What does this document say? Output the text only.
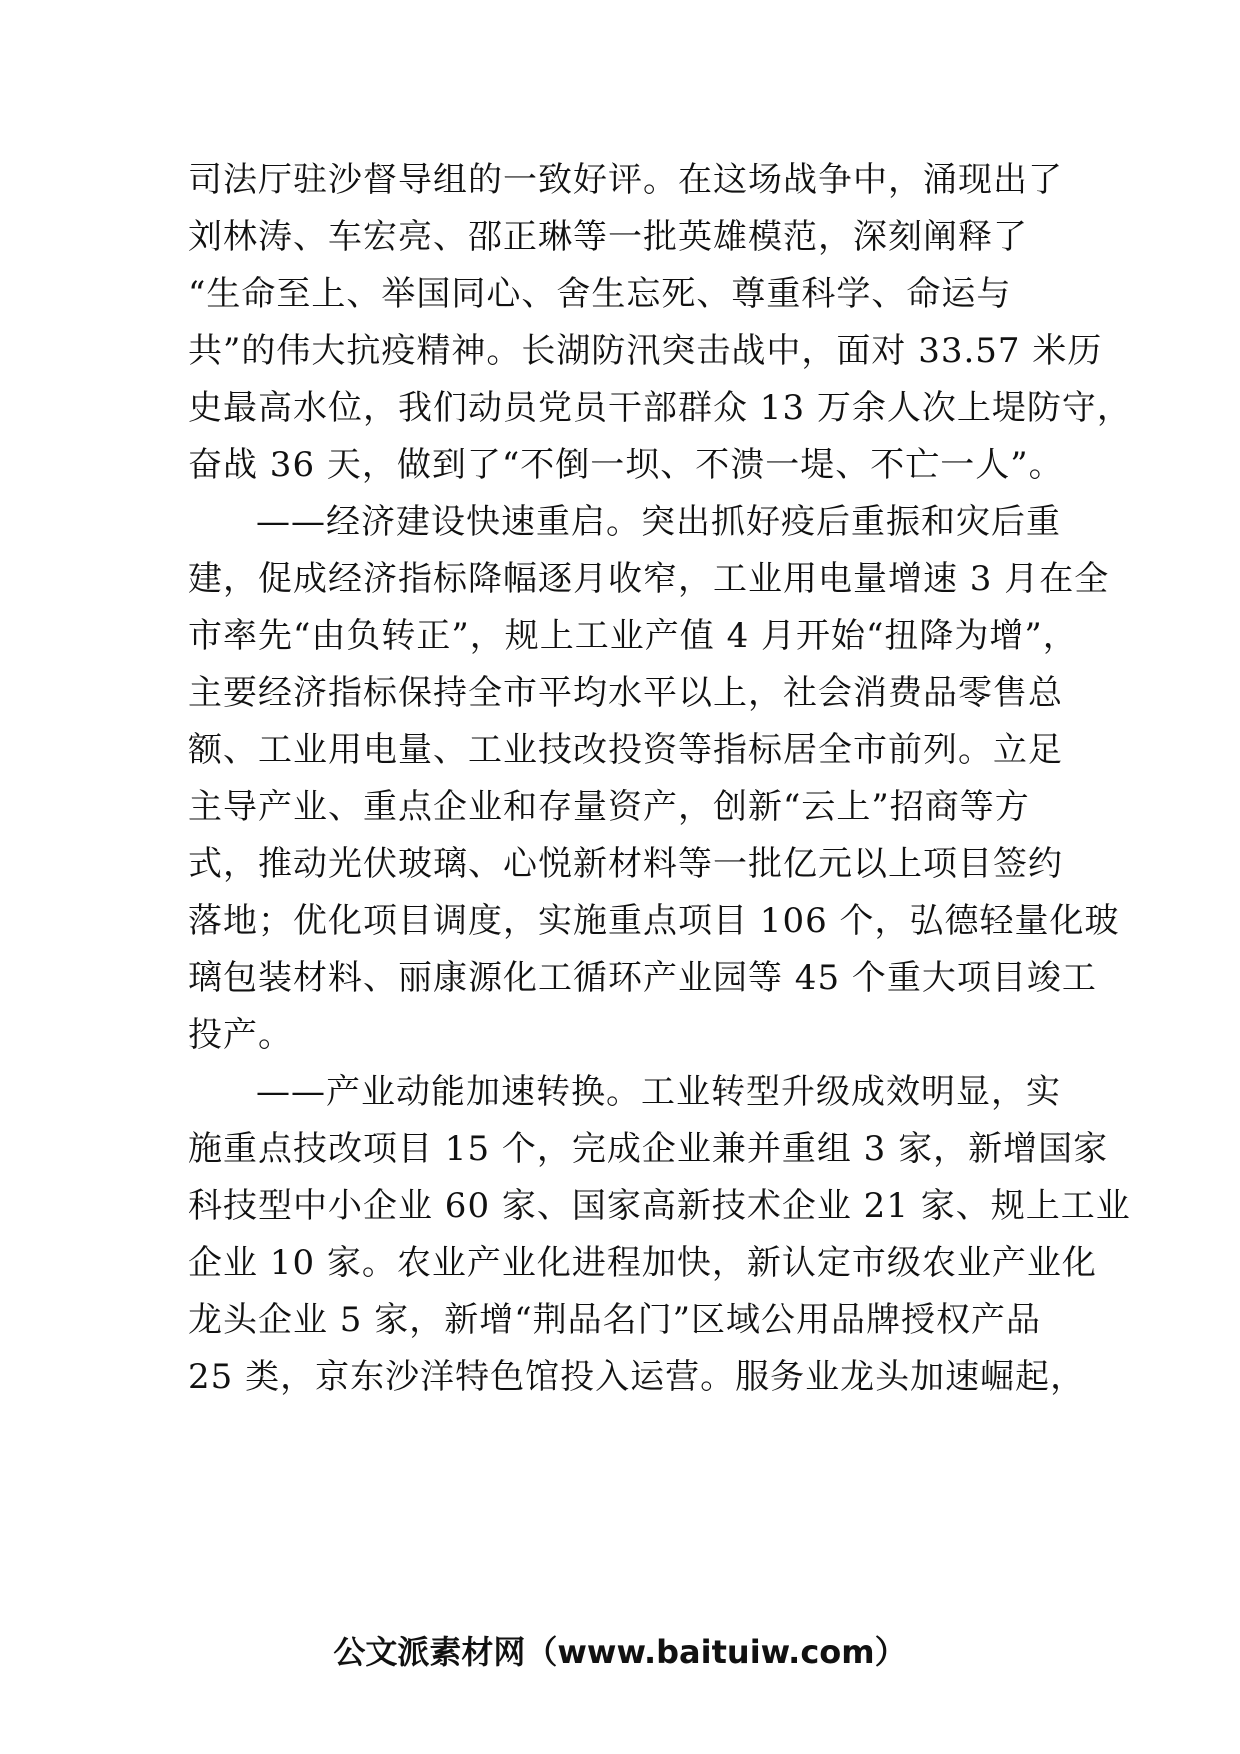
司法厅驻沙督导组的一致好评。在这场战争中，涌现出了
刘林涛、车宏亮、邵正琳等一批英雄模范，深刻阐释了
“生命至上、举国同心、舍生忘死、尊重科学、命运与
共”的伟大抗疫精神。长湖防汛突击战中，面对 33.57 米历
史最高水位，我们动员党员干部群众 13 万余人次上堤防守，
奋战 36 天，做到了“不倒一坝、不溃一堤、不亡一人”。
——经济建设快速重启。突出抓好疫后重振和灾后重
建，促成经济指标降幅逐月收窄，工业用电量增速 3 月在全
市率先“由负转正”，规上工业产值 4 月开始“扭降为增”，
主要经济指标保持全市平均水平以上，社会消费品零售总
额、工业用电量、工业技改投资等指标居全市前列。立足
主导产业、重点企业和存量资产，创新“云上”招商等方
式，推动光伏玻璃、心悦新材料等一批亿元以上项目签约
落地；优化项目调度，实施重点项目 106 个，弘德轻量化玻
璃包装材料、丽康源化工循环产业园等 45 个重大项目竣工
投产。
——产业动能加速转换。工业转型升级成效明显，实
施重点技改项目 15 个，完成企业兼并重组 3 家，新增国家
科技型中小企业 60 家、国家高新技术企业 21 家、规上工业
企业 10 家。农业产业化进程加快，新认定市级农业产业化
龙头企业 5 家，新增“荆品名门”区域公用品牌授权产品
25 类，京东沙洋特色馆投入运营。服务业龙头加速崛起，
公文派素材网（www.baituiw.com）
